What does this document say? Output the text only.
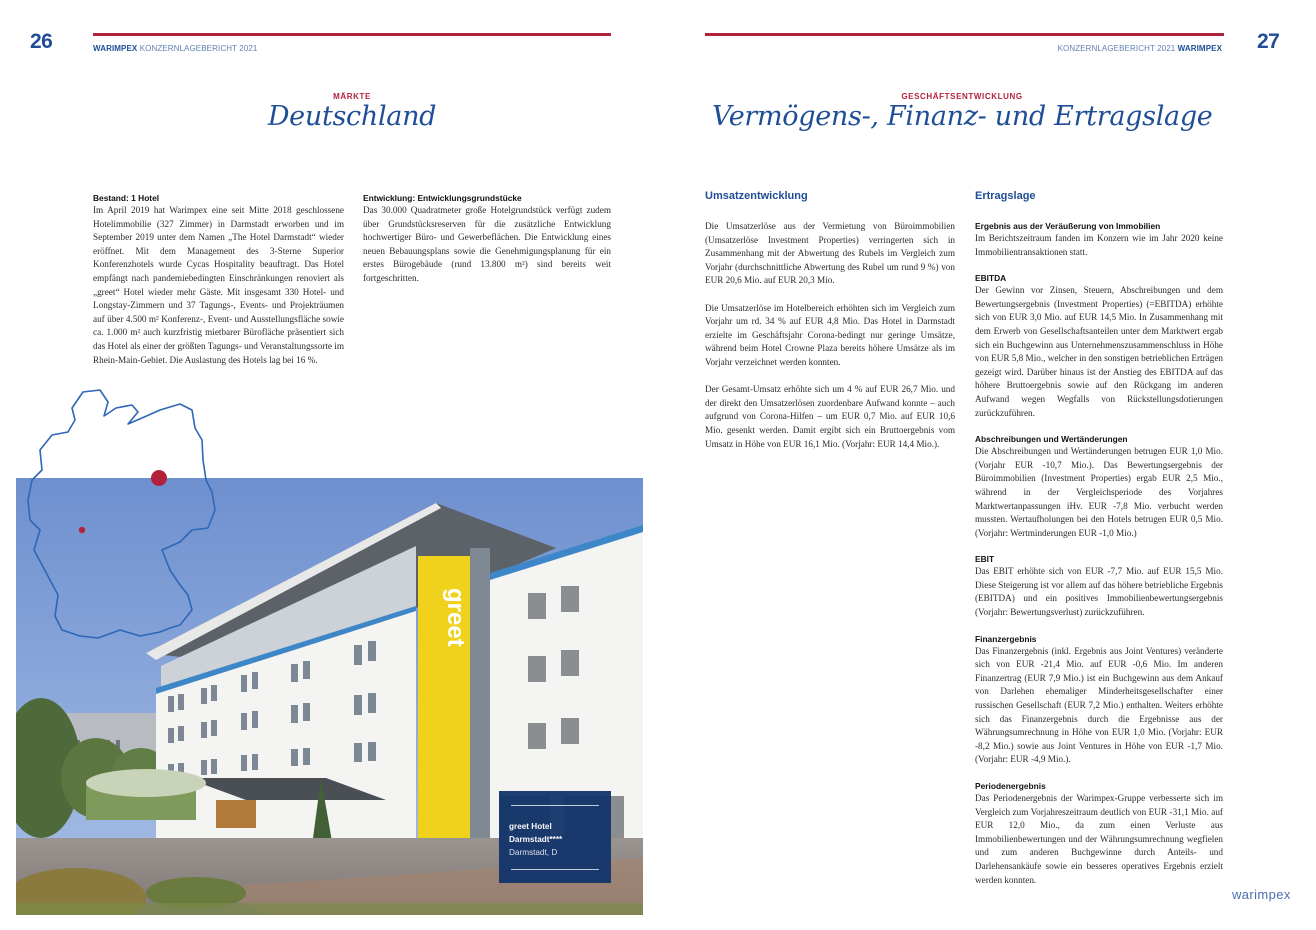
26	WARIMPEX KONZERNLAGEBERICHT 2021
MÄRKTE
Deutschland
Bestand: 1 Hotel

Im April 2019 hat Warimpex eine seit Mitte 2018 geschlossene Hotelimmobilie (327 Zimmer) in Darmstadt erworben und im September 2019 unter dem Namen „The Hotel Darmstadt“ wieder eröffnet. Mit dem Management des 3-Sterne Superior Konferenzhotels wurde Cycas Hospitality beauftragt. Das Hotel empfängt nach pandemiebedingten Einschränkungen renoviert als „greet“ Hotel wieder mehr Gäste. Mit insgesamt 330 Hotel- und Longstay-Zimmern und 37 Tagungs-, Events- und Projekträumen auf über 4.500 m² Konferenz-, Event- und Ausstellungsfläche sowie ca. 1.000 m² auch kurzfristig mietbarer Bürofläche präsentiert sich das Hotel als einer der größten Tagungs- und Veranstaltungssorte im Rhein-Main-Gebiet. Die Auslastung des Hotels lag bei 16 %.

Entwicklung: Entwicklungsgrundstücke

Das 30.000 Quadratmeter große Hotelgrundstück verfügt zudem über Grundstücksreserven für die zusätzliche Entwicklung hochwertiger Büro- und Gewerbeflächen. Die Entwicklung eines neuen Bebauungsplans sowie die Genehmigungsplanung für ein erstes Bürogebäude (rund 13.800 m²) sind bereits weit fortgeschritten.

greet
greet Hotel
Darmstadt****
Darmstadt, D
KONZERNLAGEBERICHT 2021 WARIMPEX 27
GESCHÄFTSENTWICKLUNG
Vermögens-, Finanz- und Ertragslage
Umsatzentwicklung

Die Umsatzerlöse aus der Vermietung von Büroimmobilien (Umsatzerlöse Investment Properties) verringerten sich in Zusammenhang mit der Abwertung des Rubels im Vergleich zum Vorjahr (durchschnittliche Abwertung des Rubel um rund 9 %) von EUR 20,6 Mio. auf EUR 20,3 Mio.

Die Umsatzerlöse im Hotelbereich erhöhten sich im Vergleich zum Vorjahr um rd. 34 % auf EUR 4,8 Mio. Das Hotel in Darmstadt erzielte im Geschäftsjahr Corona-bedingt nur geringe Umsätze, während beim Hotel Crowne Plaza bereits höhere Umsätze als im Vorjahr verzeichnet werden konnten.

Der Gesamt-Umsatz erhöhte sich um 4 % auf EUR 26,7 Mio. und der direkt den Umsatzerlösen zuordenbare Aufwand konnte – auch aufgrund von Corona-Hilfen – um EUR 0,7 Mio. auf EUR 10,6 Mio. gesenkt werden. Damit ergibt sich ein Bruttoergebnis vom Umsatz in Höhe von EUR 16,1 Mio. (Vorjahr: EUR 14,4 Mio.).

Ertragslage
Ergebnis aus der Veräußerung von Immobilien
Im Berichtszeitraum fanden im Konzern wie im Jahr 2020 keine Immobilientransaktionen statt.
EBITDA
Der Gewinn vor Zinsen, Steuern, Abschreibungen und dem Bewertungsergebnis (Investment Properties) (=EBITDA) erhöhte sich von EUR 3,0 Mio. auf EUR 14,5 Mio. In Zusammenhang mit dem Erwerb von Gesellschaftsanteilen unter dem Marktwert ergab sich ein Buchgewinn aus Unternehmenszusammenschluss in Höhe von EUR 5,8 Mio., welcher in den sonstigen betrieblichen Erträgen gezeigt wird. Darüber hinaus ist der Anstieg des EBITDA auf das höhere Bruttoergebnis sowie auf den Rückgang im anderen Aufwand wegen Wegfalls von Rückstellungsdotierungen zurückzuführen.
Abschreibungen und Wertänderungen
Die Abschreibungen und Wertänderungen betrugen EUR 1,0 Mio. (Vorjahr EUR -10,7 Mio.). Das Bewertungsergebnis der Büroimmobilien (Investment Properties) ergab EUR 2,5 Mio., während in der Vergleichsperiode des Vorjahres Marktwertanpassungen iHv. EUR -7,8 Mio. verbucht werden mussten. Wertaufholungen bei den Hotels betrugen EUR 0,5 Mio. (Vorjahr: Wertminderungen EUR -1,0 Mio.)
EBIT
Das EBIT erhöhte sich von EUR -7,7 Mio. auf EUR 15,5 Mio. Diese Steigerung ist vor allem auf das höhere betriebliche Ergebnis (EBITDA) und ein positives Immobilienbewertungsergebnis (Vorjahr: Bewertungsverlust) zurückzuführen.
Finanzergebnis
Das Finanzergebnis (inkl. Ergebnis aus Joint Ventures) veränderte sich von EUR -21,4 Mio. auf EUR -0,6 Mio. Im anderen Finanzertrag (EUR 7,9 Mio.) ist ein Buchgewinn aus dem Ankauf von Darlehen ehemaliger Minderheitsgesellschafter einer russischen Gesellschaft (EUR 7,2 Mio.) enthalten. Weiters erhöhte sich das Finanzergebnis durch die Ergebnisse aus der Währungsumrechnung in Höhe von EUR 1,0 Mio. (Vorjahr: EUR -8,2 Mio.) sowie aus Joint Ventures in Höhe von EUR -1,7 Mio. (Vorjahr: EUR -4,9 Mio.).
Periodenergebnis
Das Periodenergebnis der Warimpex-Gruppe verbesserte sich im Vergleich zum Vorjahreszeitraum deutlich von EUR -31,1 Mio. auf EUR 12,0 Mio., da zum einen Verluste aus Immobilienbewertungen und der Währungsumrechnung wegfielen und zum anderen Buchgewinne durch Anteils- und Darlehensankäufe sowie ein besseres operatives Ergebnis erzielt werden konnten.
warimpex
